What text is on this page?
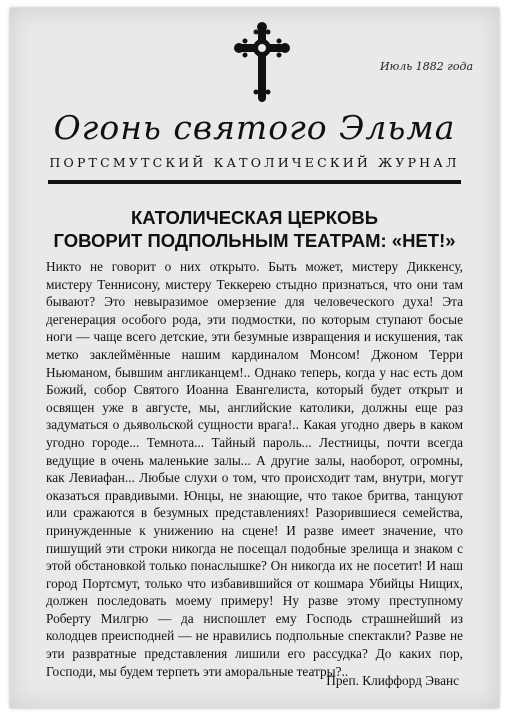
Июль 1882 года
Огонь святого Эльма
ПОРТСМУТСКИЙ КАТОЛИЧЕСКИЙ ЖУРНАЛ
КАТОЛИЧЕСКАЯ ЦЕРКОВЬ
ГОВОРИТ ПОДПОЛЬНЫМ ТЕАТРАМ: «НЕТ!»
Никто не говорит о них открыто. Быть может, мистеру Диккенсу, мистеру Теннисону, мистеру Теккерею стыдно признаться, что они там бывают? Это невыразимое омерзение для человеческого духа! Эта дегенерация особого рода, эти подмостки, по которым ступают босые ноги — чаще всего детские, эти безумные извращения и искушения, так метко заклеймённые нашим кардиналом Монсом! Джоном Терри Ньюманом, бывшим англиканцем!.. Однако теперь, когда у нас есть дом Божий, собор Святого Иоанна Евангелиста, который будет открыт и освящен уже в августе, мы, английские католики, должны еще раз задуматься о дьявольской сущности врага!.. Какая угодно дверь в каком угодно городе... Темнота... Тайный пароль... Лестницы, почти всегда ведущие в очень маленькие залы... А другие залы, наоборот, огромны, как Левиафан... Любые слухи о том, что происходит там, внутри, могут оказаться правдивыми. Юнцы, не знающие, что такое бритва, танцуют или сражаются в безумных представлениях! Разорившиеся семейства, принужденные к унижению на сцене! И разве имеет значение, что пишущий эти строки никогда не посещал подобные зрелища и знаком с этой обстановкой только понаслышке? Он никогда их не посетит! И наш город Портсмут, только что избавившийся от кошмара Убийцы Нищих, должен последовать моему примеру! Ну разве этому преступному Роберту Милгрю — да ниспошлет ему Господь страшнейший из колодцев преисподней — не нравились подпольные спектакли? Разве не эти развратные представления лишили его рассудка? До каких пор, Господи, мы будем терпеть эти аморальные театры?..
Преп. Клиффорд Эванс
